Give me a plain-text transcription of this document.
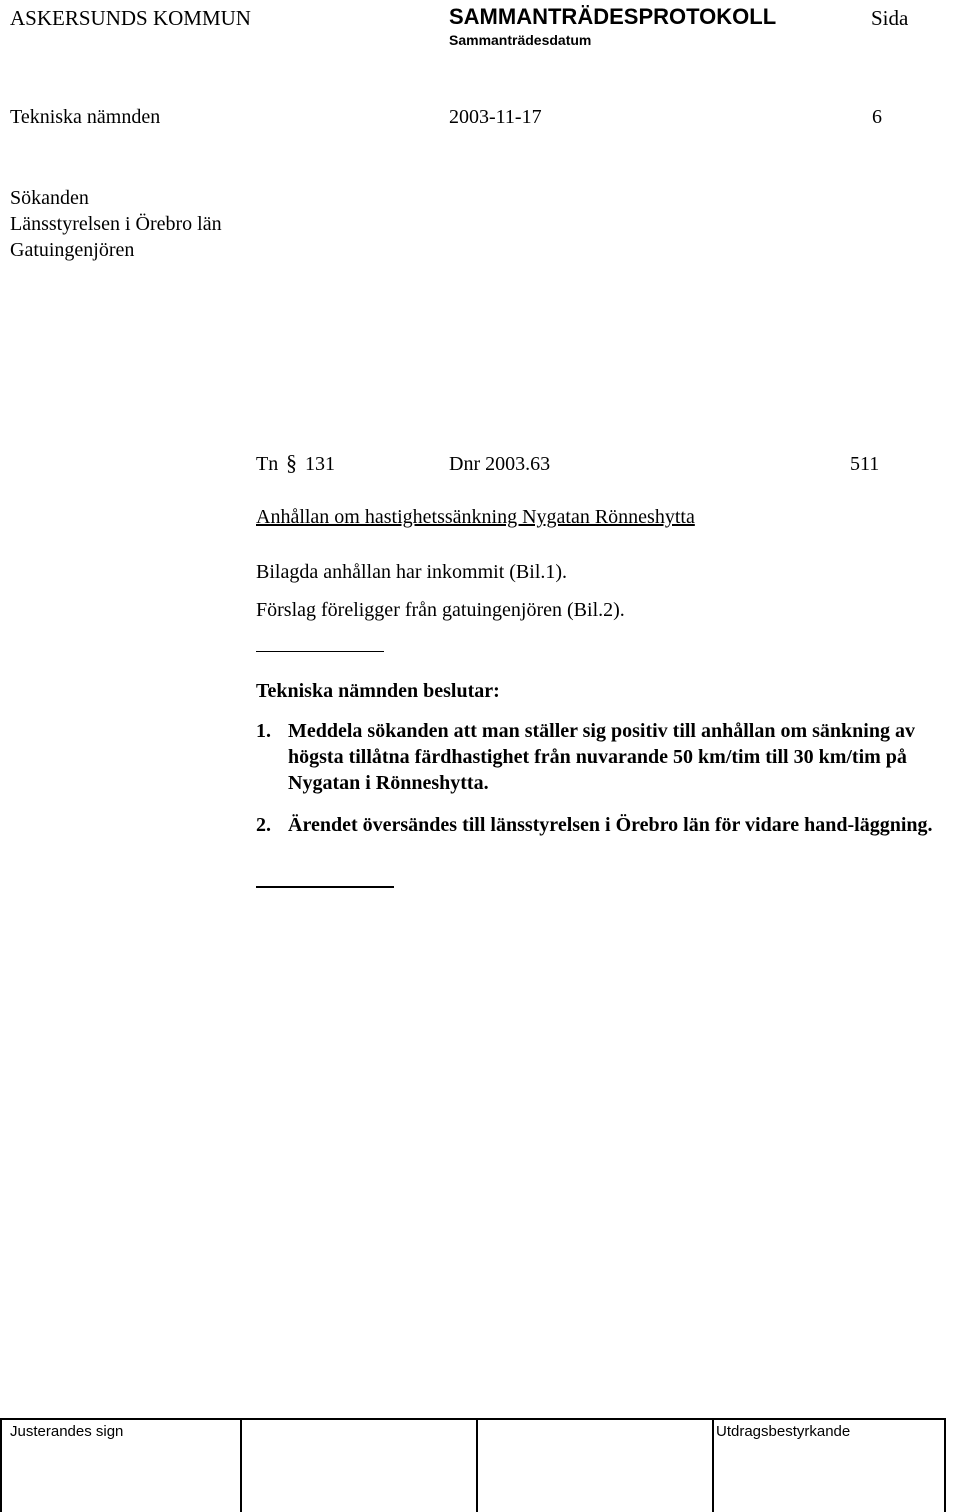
ASKERSUNDS KOMMUN	SAMMANTRÄDESPROTOKOLL	Sida
Sammanträdesdatum
Tekniska nämnden	2003-11-17	6
Sökanden
Länsstyrelsen i Örebro län
Gatuingenjören
Tn § 131	Dnr 2003.63	511
Anhållan om hastighetssänkning Nygatan Rönneshytta
Bilagda anhållan har inkommit (Bil.1).
Förslag föreligger från gatuingenjören (Bil.2).
Tekniska nämnden beslutar:
1. Meddela sökanden att man ställer sig positiv till anhållan om sänkning av högsta tillåtna färdhastighet från nuvarande 50 km/tim till 30 km/tim på Nygatan i Rönneshytta.
2. Ärendet översändes till länsstyrelsen i Örebro län för vidare hand-läggning.
Justerandes sign	Utdragsbestyrkande
